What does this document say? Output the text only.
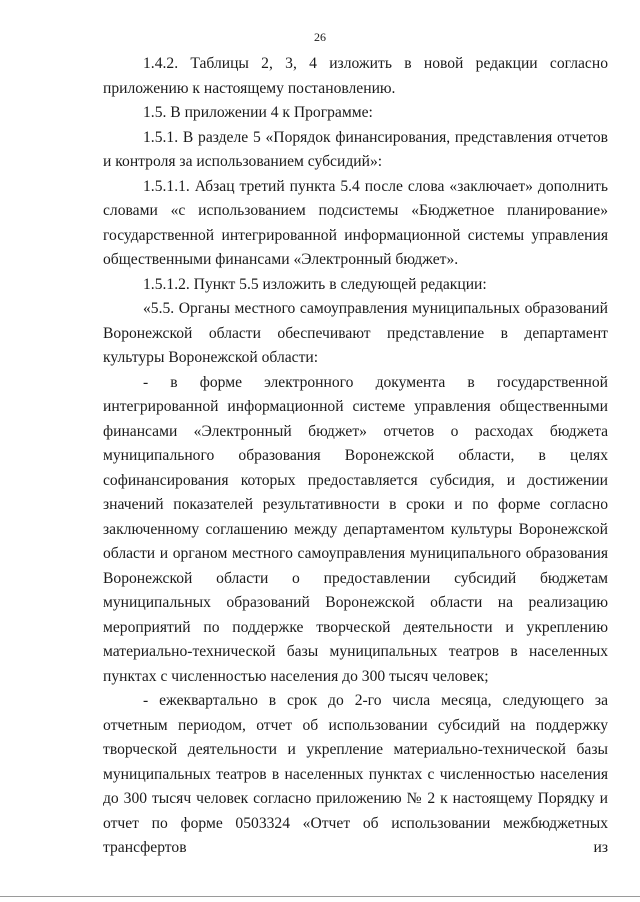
26

1.4.2. Таблицы 2, 3, 4 изложить в новой редакции согласно приложению к настоящему постановлению.

1.5. В приложении 4 к Программе:

1.5.1. В разделе 5 «Порядок финансирования, представления отчетов и контроля за использованием субсидий»:

1.5.1.1. Абзац третий пункта 5.4 после слова «заключает» дополнить словами «с использованием подсистемы «Бюджетное планирование» государственной интегрированной информационной системы управления общественными финансами «Электронный бюджет».

1.5.1.2. Пункт 5.5 изложить в следующей редакции:

«5.5. Органы местного самоуправления муниципальных образований Воронежской области обеспечивают представление в департамент культуры Воронежской области:

- в форме электронного документа в государственной интегрированной информационной системе управления общественными финансами «Электронный бюджет» отчетов о расходах бюджета муниципального образования Воронежской области, в целях софинансирования которых предоставляется субсидия, и достижении значений показателей результативности в сроки и по форме согласно заключенному соглашению между департаментом культуры Воронежской области и органом местного самоуправления муниципального образования Воронежской области о предоставлении субсидий бюджетам муниципальных образований Воронежской области на реализацию мероприятий по поддержке творческой деятельности и укреплению материально-технической базы муниципальных театров в населенных пунктах с численностью населения до 300 тысяч человек;

- ежеквартально в срок до 2-го числа месяца, следующего за отчетным периодом, отчет об использовании субсидий на поддержку творческой деятельности и укрепление материально-технической базы муниципальных театров в населенных пунктах с численностью населения до 300 тысяч человек согласно приложению № 2 к настоящему Порядку и отчет по форме 0503324 «Отчет об использовании межбюджетных трансфертов из
